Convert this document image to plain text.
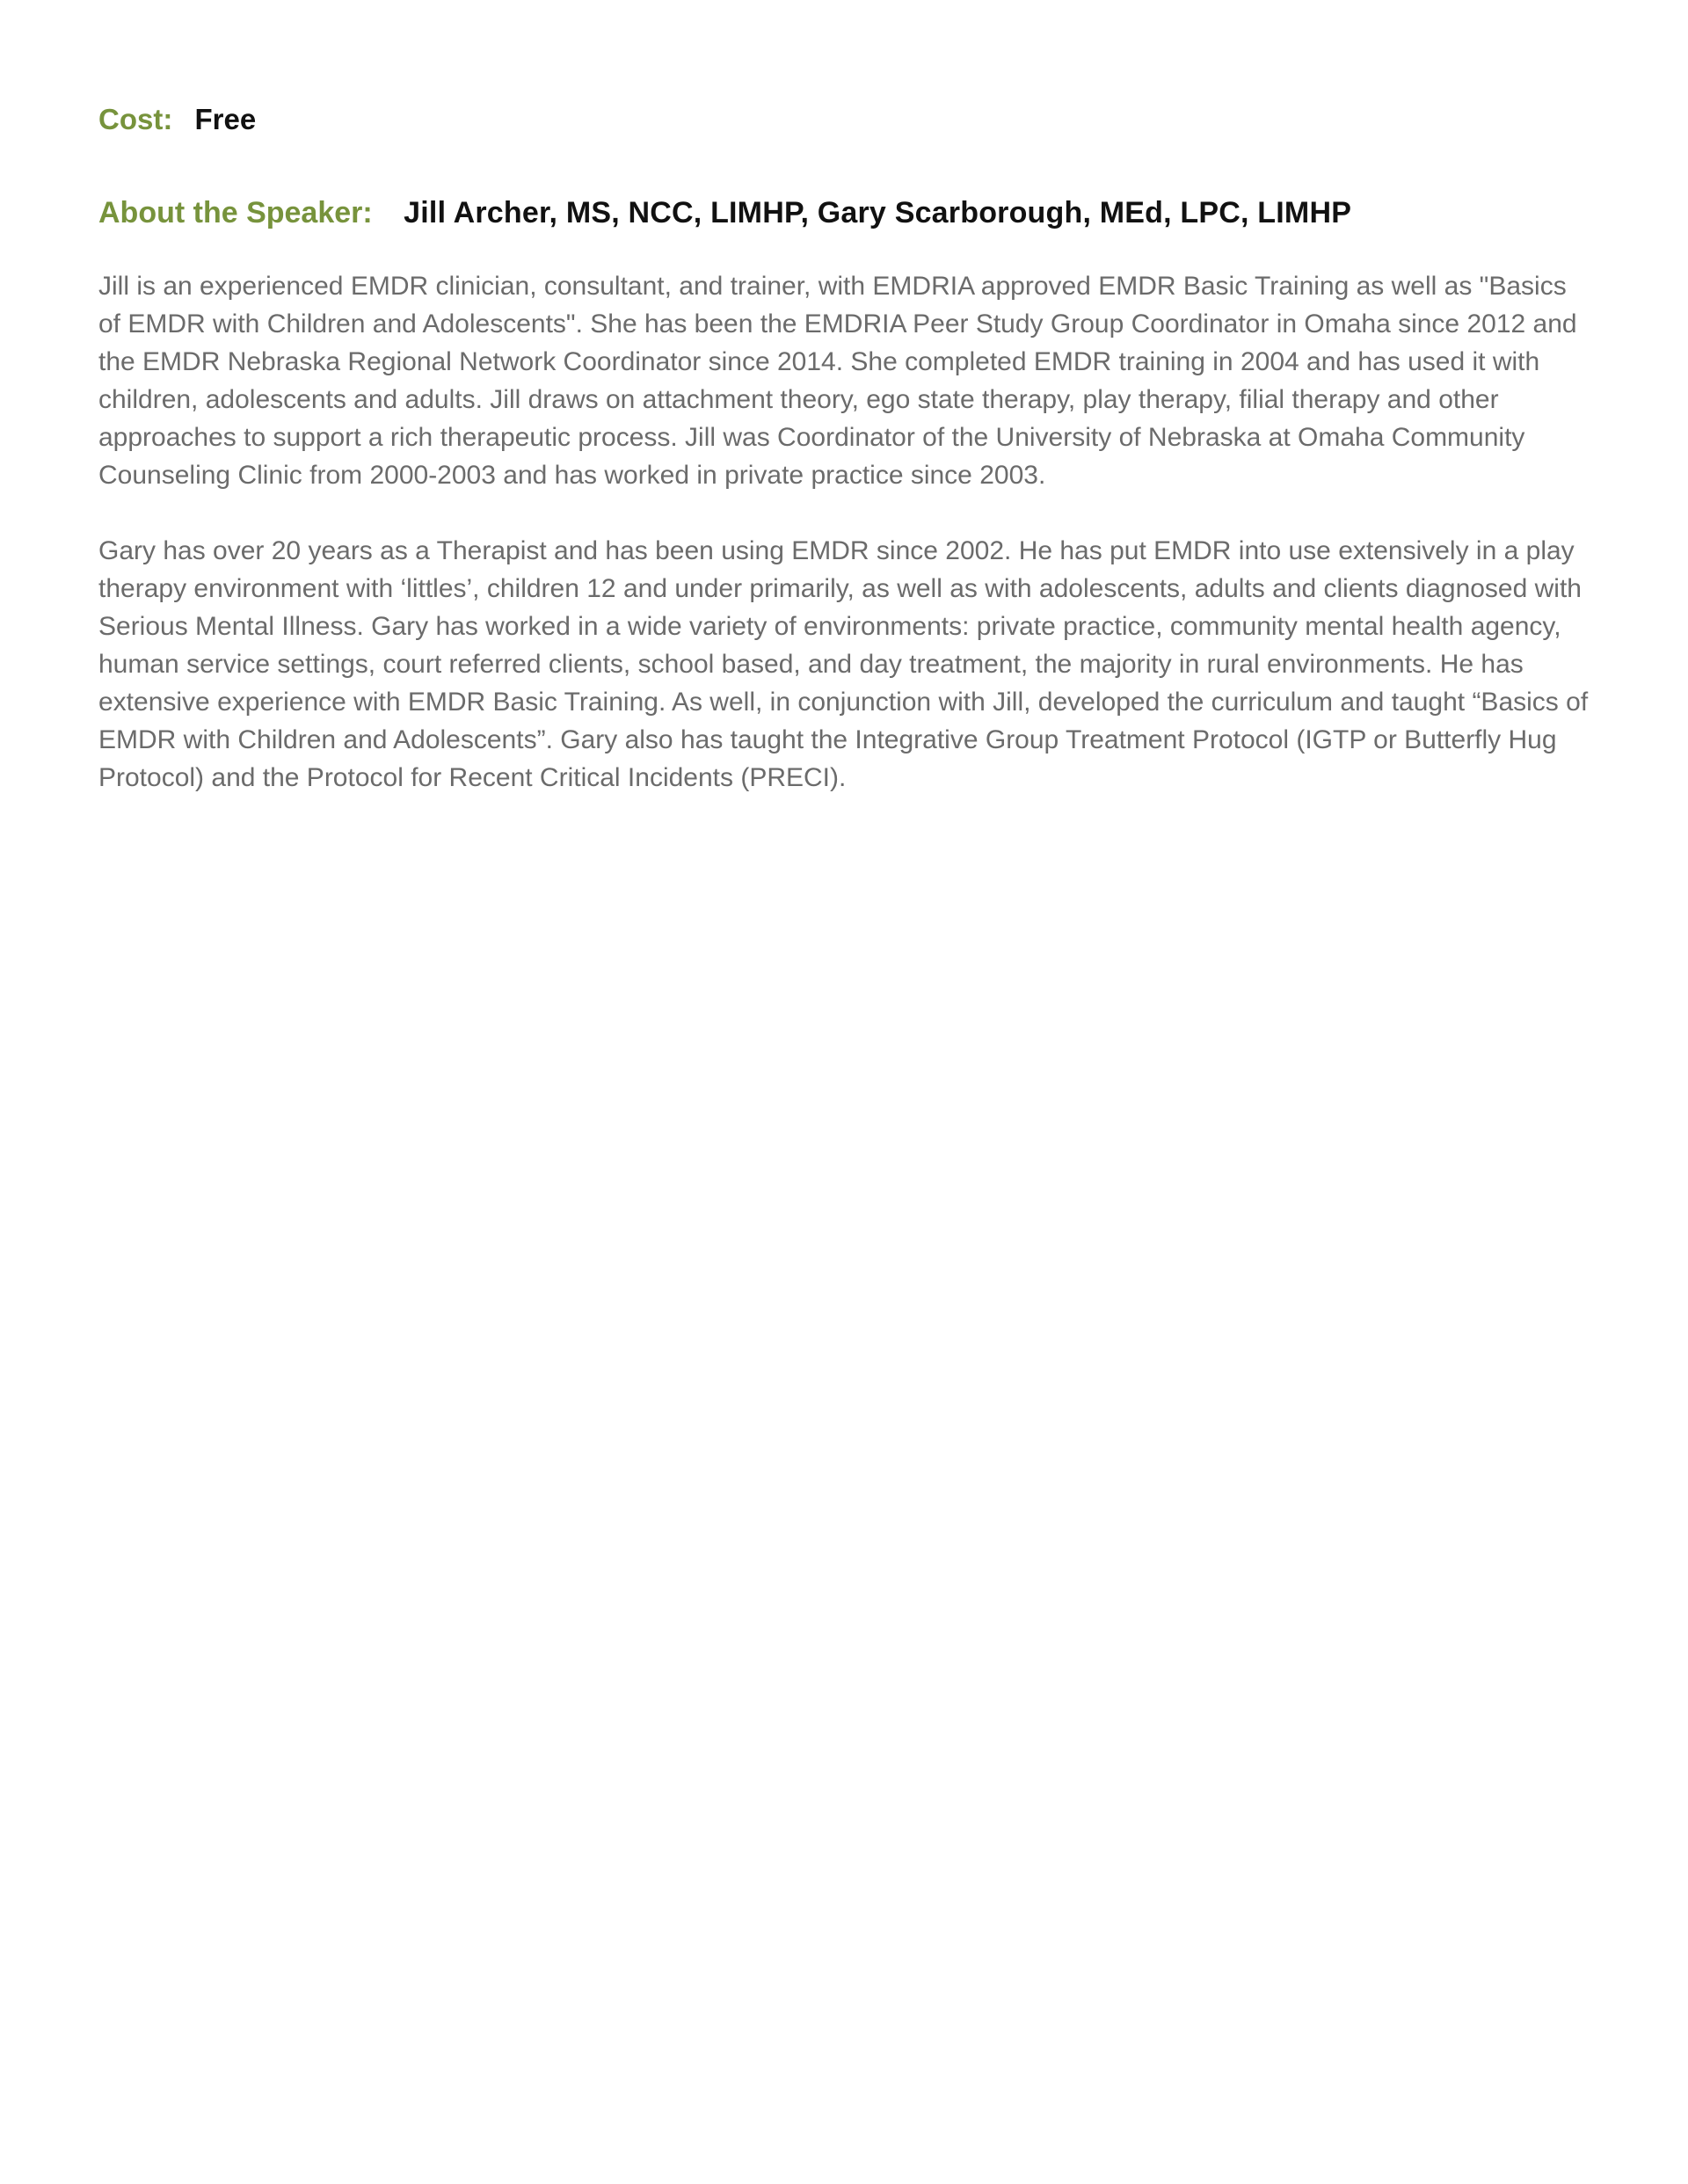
Cost: Free
About the Speaker: Jill Archer, MS, NCC, LIMHP, Gary Scarborough, MEd, LPC, LIMHP

Jill is an experienced EMDR clinician, consultant, and trainer, with EMDRIA approved EMDR Basic Training as well as "Basics of EMDR with Children and Adolescents". She has been the EMDRIA Peer Study Group Coordinator in Omaha since 2012 and the EMDR Nebraska Regional Network Coordinator since 2014. She completed EMDR training in 2004 and has used it with children, adolescents and adults. Jill draws on attachment theory, ego state therapy, play therapy, filial therapy and other approaches to support a rich therapeutic process. Jill was Coordinator of the University of Nebraska at Omaha Community Counseling Clinic from 2000-2003 and has worked in private practice since 2003.

Gary has over 20 years as a Therapist and has been using EMDR since 2002. He has put EMDR into use extensively in a play therapy environment with ‘littles’, children 12 and under primarily, as well as with adolescents, adults and clients diagnosed with Serious Mental Illness. Gary has worked in a wide variety of environments: private practice, community mental health agency, human service settings, court referred clients, school based, and day treatment, the majority in rural environments. He has extensive experience with EMDR Basic Training. As well, in conjunction with Jill, developed the curriculum and taught “Basics of EMDR with Children and Adolescents”. Gary also has taught the Integrative Group Treatment Protocol (IGTP or Butterfly Hug Protocol) and the Protocol for Recent Critical Incidents (PRECI).
